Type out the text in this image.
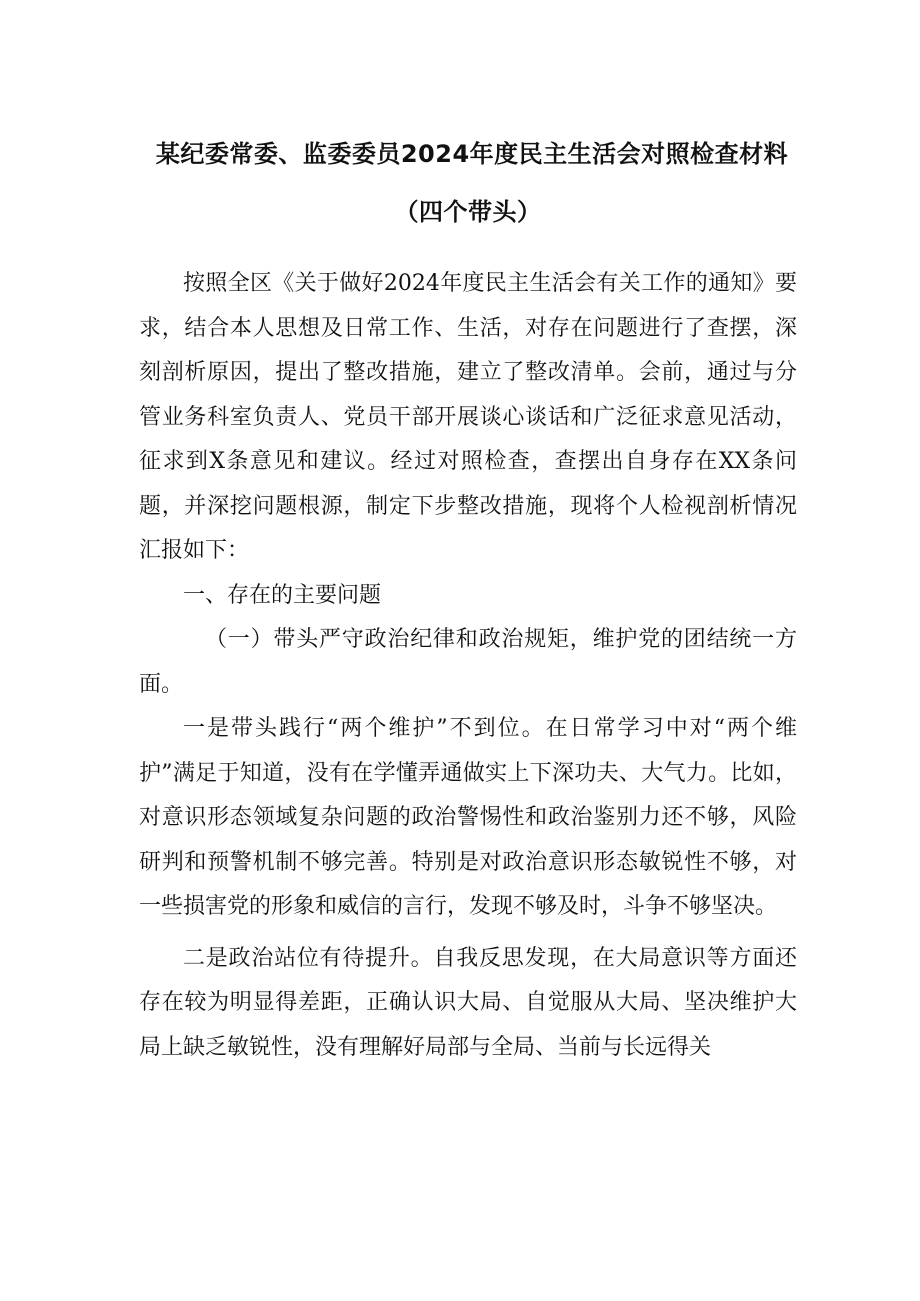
某纪委常委、监委委员2024年度民主生活会对照检查材料
（四个带头）

按照全区《关于做好2024年度民主生活会有关工作的通知》要求，结合本人思想及日常工作、生活，对存在问题进行了查摆，深刻剖析原因，提出了整改措施，建立了整改清单。会前，通过与分管业务科室负责人、党员干部开展谈心谈话和广泛征求意见活动，征求到X条意见和建议。经过对照检查，查摆出自身存在XX条问题，并深挖问题根源，制定下步整改措施，现将个人检视剖析情况汇报如下：

一、存在的主要问题

（一）带头严守政治纪律和政治规矩，维护党的团结统一方面。

一是带头践行“两个维护”不到位。在日常学习中对“两个维护”满足于知道，没有在学懂弄通做实上下深功夫、大气力。比如，对意识形态领域复杂问题的政治警惕性和政治鉴别力还不够，风险研判和预警机制不够完善。特别是对政治意识形态敏锐性不够，对一些损害党的形象和威信的言行，发现不够及时，斗争不够坚决。

二是政治站位有待提升。自我反思发现，在大局意识等方面还存在较为明显得差距，正确认识大局、自觉服从大局、坚决维护大局上缺乏敏锐性，没有理解好局部与全局、当前与长远得关
